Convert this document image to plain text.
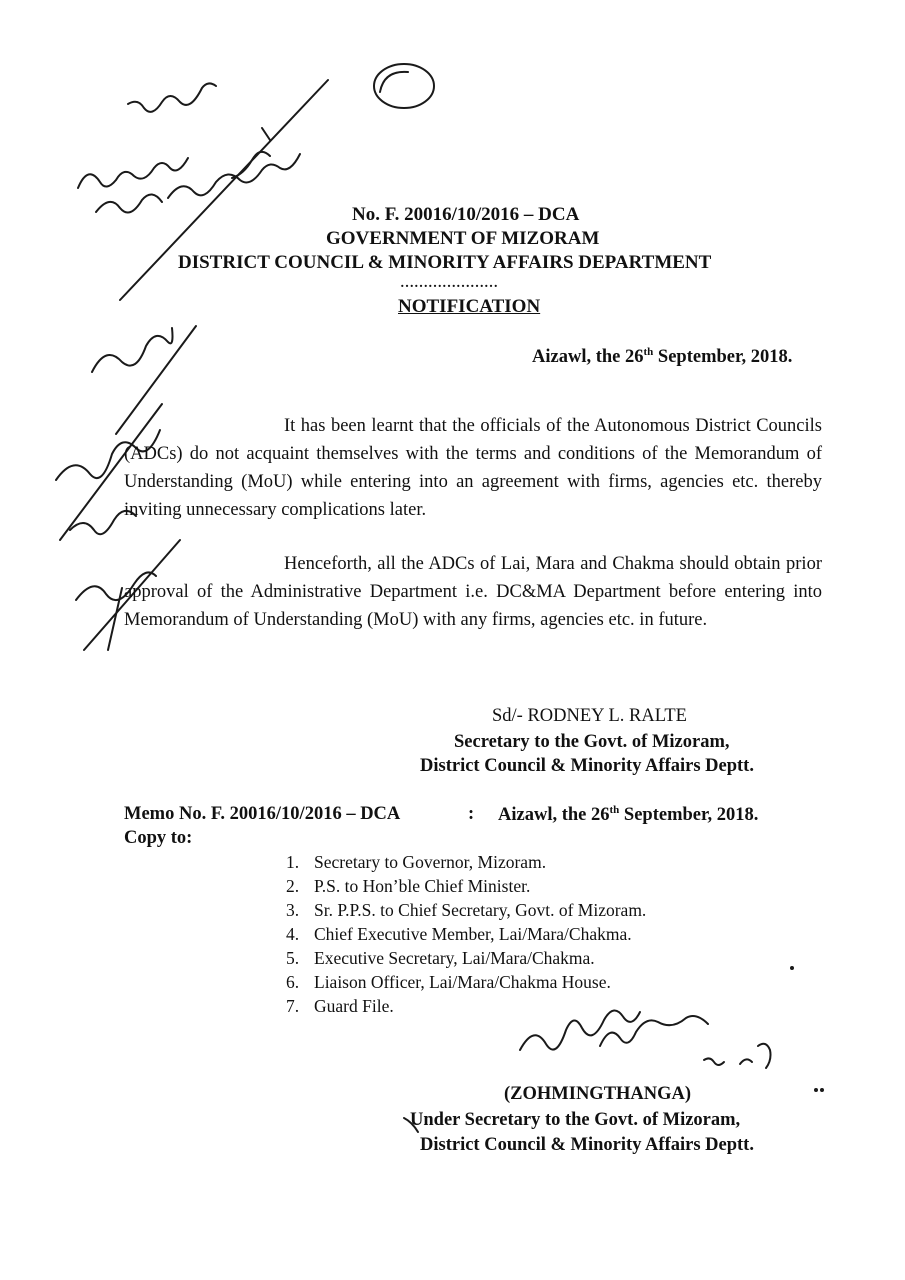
No. F. 20016/10/2016 – DCA
GOVERNMENT OF MIZORAM
DISTRICT COUNCIL & MINORITY AFFAIRS DEPARTMENT
…………………
NOTIFICATION
Aizawl, the 26th September, 2018.
It has been learnt that the officials of the Autonomous District Councils (ADCs) do not acquaint themselves with the terms and conditions of the Memorandum of Understanding (MoU) while entering into an agreement with firms, agencies etc. thereby inviting unnecessary complications later.
Henceforth, all the ADCs of Lai, Mara and Chakma should obtain prior approval of the Administrative Department i.e. DC&MA Department before entering into Memorandum of Understanding (MoU) with any firms, agencies etc. in future.
Sd/- RODNEY L. RALTE
Secretary to the Govt. of Mizoram,
District Council & Minority Affairs Deptt.
Memo No. F. 20016/10/2016 – DCA	: Aizawl, the 26th September, 2018.
Copy to:
1. Secretary to Governor, Mizoram.
2. P.S. to Hon’ble Chief Minister.
3. Sr. P.P.S. to Chief Secretary, Govt. of Mizoram.
4. Chief Executive Member, Lai/Mara/Chakma.
5. Executive Secretary, Lai/Mara/Chakma.
6. Liaison Officer, Lai/Mara/Chakma House.
7. Guard File.
(ZOHMINGTHANGA)
Under Secretary to the Govt. of Mizoram,
District Council & Minority Affairs Deptt.
